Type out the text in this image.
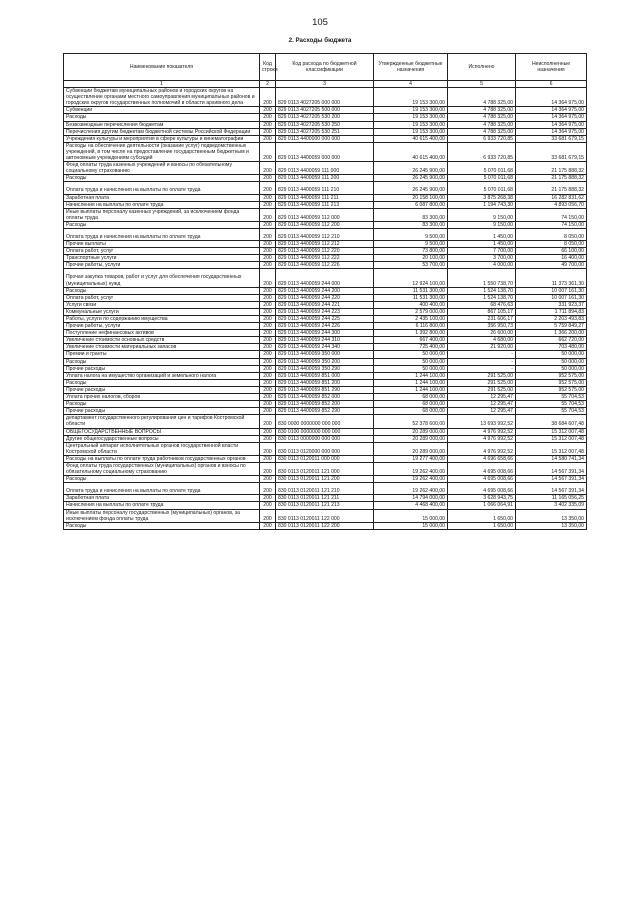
105
2. Расходы бюджета
Наименование показателя	Код строки	Код расхода по бюджетной классификации	Утвержденные бюджетные назначения	Исполнено	Неисполненные назначения
1	2	3	4	5	6
Субвенции бюджетам муниципальных районов и городских округов на осуществление органами местного самоуправления муниципальных районов и городских округов государственных полномочий в области архивного дела	200	829 0113 4027205 000 000	19 153 300,00	4 788 325,00	14 364 975,00
Субвенции	200	829 0113 4027205 500 000	19 153 300,00	4 788 325,00	14 364 975,00
Расходы	200	829 0113 4027205 530 200	19 153 300,00	4 788 325,00	14 364 975,00
Безвозмездные перечисления бюджетам	200	829 0113 4027205 530 250	19 153 300,00	4 788 325,00	14 364 975,00
Перечисления другим бюджетам бюджетной системы Российской Федерации	200	829 0113 4027205 530 251	19 153 300,00	4 788 325,00	14 364 975,00
Учреждения культуры и мероприятия в сфере культуры и кинематографии	200	829 0113 4400000 000 000	40 615 400,00	6 933 720,85	33 681 679,15
Расходы на обеспечение деятельности (оказание услуг) подведомственных учреждений, в том числе на предоставление государственным бюджетным и автономным учреждениям субсидий	200	829 0113 4400059 000 000	40 615 400,00	6 933 720,85	33 681 679,15
Фонд оплаты труда казенных учреждений и взносы по обязательному социальному страхованию	200	829 0113 4400059 111 000	26 245 900,00	5 070 011,68	21 175 888,32
Расходы	200	829 0113 4400059 111 200	26 245 900,00	5 070 011,68	21 175 888,32
Оплата труда и начисления на выплаты по оплате труда	200	829 0113 4400059 111 210	26 245 900,00	5 070 011,68	21 175 888,32
Заработная плата	200	829 0113 4400059 111 211	20 158 100,00	3 875 268,38	16 282 831,62
Начисления на выплаты по оплате труда	200	829 0113 4400059 111 213	6 087 800,00	1 194 743,30	4 893 056,70
Иные выплаты персоналу казенных учреждений, за исключением фонда оплаты труда	200	829 0113 4400059 112 000	83 300,00	9 150,00	74 150,00
Расходы	200	829 0113 4400059 112 200	83 300,00	9 150,00	74 150,00
Оплата труда и начисления на выплаты по оплате труда	200	829 0113 4400059 112 210	9 500,00	1 450,00	8 050,00
Прочие выплаты	200	829 0113 4400059 112 212	9 500,00	1 450,00	8 050,00
Оплата работ, услуг	200	829 0113 4400059 112 220	73 800,00	7 700,00	66 100,00
Транспортные услуги	200	829 0113 4400059 112 222	20 100,00	3 700,00	16 400,00
Прочие работы, услуги	200	829 0113 4400059 112 226	53 700,00	4 000,00	49 700,00
Прочая закупка товаров, работ и услуг для обеспечения государственных (муниципальных) нужд	200	829 0113 4400059 244 000	12 924 100,00	1 550 738,70	11 373 361,30
Расходы	200	829 0113 4400059 244 200	11 531 300,00	1 524 138,70	10 007 161,30
Оплата работ, услуг	200	829 0113 4400059 244 220	11 531 300,00	1 524 138,70	10 007 161,30
Услуги связи	200	829 0113 4400059 244 221	400 400,00	68 476,63	331 923,37
Коммунальные услуги	200	829 0113 4400059 244 223	2 579 000,00	867 105,17	1 711 894,83
Работы, услуги по содержанию имущества	200	829 0113 4400059 244 225	2 435 100,00	231 606,17	2 203 493,83
Прочие работы, услуги	200	829 0113 4400059 244 226	6 116 800,00	356 950,73	5 759 849,27
Поступление нефинансовых активов	200	829 0113 4400059 244 300	1 392 800,00	26 600,00	1 366 200,00
Увеличение стоимости основных средств	200	829 0113 4400059 244 310	667 400,00	4 680,00	662 720,00
Увеличение стоимости материальных запасов	200	829 0113 4400059 244 340	725 400,00	21 920,00	703 480,00
Премии и гранты	200	829 0113 4400059 350 000	50 000,00	-	50 000,00
Расходы	200	829 0113 4400059 350 200	50 000,00	-	50 000,00
Прочие расходы	200	829 0113 4400059 350 290	50 000,00	-	50 000,00
Уплата налога на имущество организаций и земельного налога	200	829 0113 4400059 851 000	1 244 100,00	291 525,00	952 575,00
Расходы	200	829 0113 4400059 851 200	1 244 100,00	291 525,00	952 575,00
Прочие расходы	200	829 0113 4400059 851 290	1 244 100,00	291 525,00	952 575,00
Уплата прочих налогов, сборов	200	829 0113 4400059 852 000	68 000,00	12 295,47	55 704,53
Расходы	200	829 0113 4400059 852 200	68 000,00	12 295,47	55 704,53
Прочие расходы	200	829 0113 4400059 852 290	68 000,00	12 295,47	55 704,53
департамент государственного регулирования цен и тарифов Костромской области	200	830 0000 0000000 000 000	52 378 600,00	13 693 992,52	38 684 607,48
ОБЩЕГОСУДАРСТВЕННЫЕ ВОПРОСЫ	200	830 0100 0000000 000 000	20 289 000,00	4 976 992,52	15 312 007,48
Другие общегосударственные вопросы	200	830 0113 0000000 000 000	20 289 000,00	4 976 992,52	15 312 007,48
Центральный аппарат исполнительных органов государственной власти Костромской области	200	830 0113 0120000 000 000	20 289 000,00	4 976 992,52	15 312 007,48
Расходы на выплаты по оплате труда работников государственных органов	200	830 0113 0120011 000 000	19 277 400,00	4 696 658,66	14 580 741,34
Фонд оплаты труда государственных (муниципальных) органов и взносы по обязательному социальному страхованию	200	830 0113 0120011 121 000	19 262 400,00	4 695 008,66	14 567 391,34
Расходы	200	830 0113 0120011 121 200	19 262 400,00	4 695 008,66	14 567 391,34
Оплата труда и начисления на выплаты по оплате труда	200	830 0113 0120011 121 210	19 262 400,00	4 695 008,66	14 567 391,34
Заработная плата	200	830 0113 0120011 121 211	14 794 000,00	3 628 943,75	11 165 056,25
Начисления на выплаты по оплате труда	200	830 0113 0120011 121 213	4 468 400,00	1 066 064,91	3 402 335,09
Иные выплаты персоналу государственных (муниципальных) органов, за исключением фонда оплаты труда	200	830 0113 0120011 122 000	15 000,00	1 650,00	13 350,00
Расходы	200	830 0113 0120011 122 200	15 000,00	1 650,00	13 350,00
